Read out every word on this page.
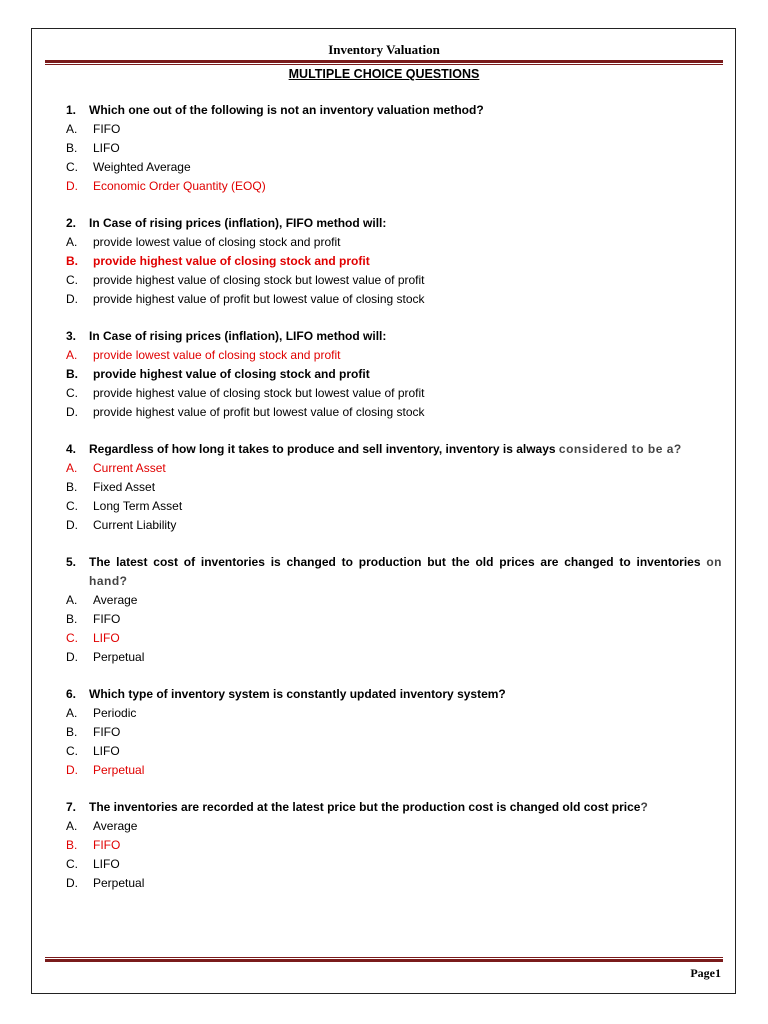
Inventory Valuation
MULTIPLE CHOICE QUESTIONS
1.	Which one out of the following is not an inventory valuation method?
A.	FIFO
B.	LIFO
C.	Weighted Average
D.	Economic Order Quantity (EOQ)
2.	In Case of rising prices (inflation), FIFO method will:
A.	provide lowest value of closing stock and profit
B.	provide highest value of closing stock and profit
C.	provide highest value of closing stock but lowest value of profit
D.	provide highest value of profit but lowest value of closing stock
3.	In Case of rising prices (inflation), LIFO method will:
A.	provide lowest value of closing stock and profit
B.	provide highest value of closing stock and profit
C.	provide highest value of closing stock but lowest value of profit
D.	provide highest value of profit but lowest value of closing stock
4.	Regardless of how long it takes to produce and sell inventory, inventory is always considered to be a?
A.	Current Asset
B.	Fixed Asset
C.	Long Term Asset
D.	Current Liability
5.	The latest cost of inventories is changed to production but the old prices are changed to inventories on hand?
A.	Average
B.	FIFO
C.	LIFO
D.	Perpetual
6.	Which type of inventory system is constantly updated inventory system?
A.	Periodic
B.	FIFO
C.	LIFO
D.	Perpetual
7.	The inventories are recorded at the latest price but the production cost is changed old cost price?
A.	Average
B.	FIFO
C.	LIFO
D.	Perpetual
Page1
